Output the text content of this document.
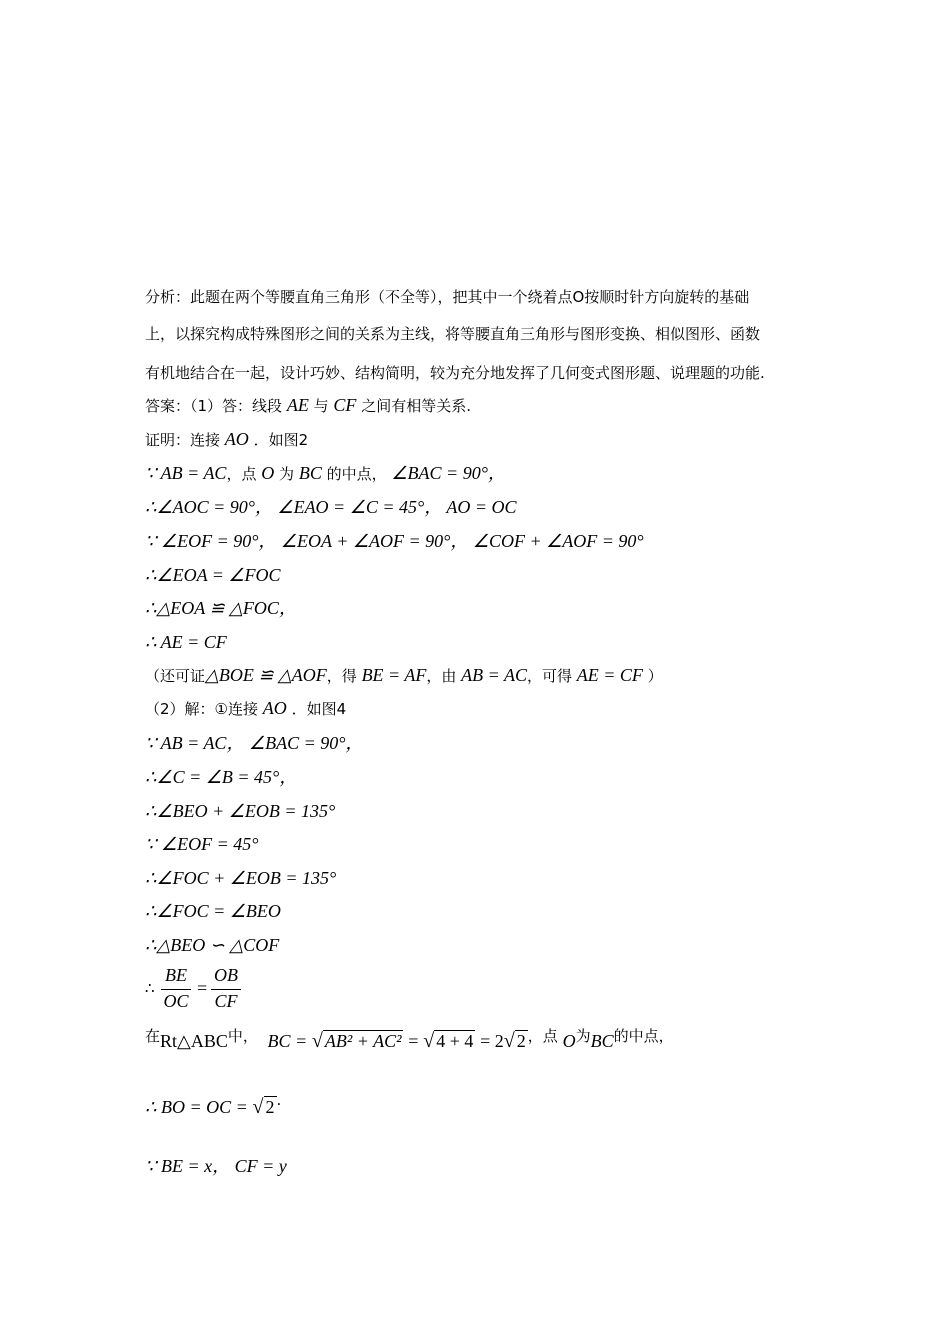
分析：此题在两个等腰直角三角形（不全等），把其中一个绕着点O按顺时针方向旋转的基础
上，以探究构成特殊图形之间的关系为主线，将等腰直角三角形与图形变换、相似图形、函数
有机地结合在一起，设计巧妙、结构简明，较为充分地发挥了几何变式图形题、说理题的功能.
答案：（1）答：线段 AE 与 CF 之间有相等关系.
证明：连接 AO ．如图2
∵ AB = AC，点 O 为 BC 的中点， ∠BAC = 90°，
∴∠AOC = 90°， ∠EAO = ∠C = 45°， AO = OC
∵ ∠EOF = 90°， ∠EOA + ∠AOF = 90°， ∠COF + ∠AOF = 90°
∴∠EOA = ∠FOC
∴△EOA ≌ △FOC，
∴ AE = CF
（还可证△BOE ≌ △AOF，得 BE = AF，由 AB = AC，可得 AE = CF ）
（2）解：①连接 AO ．如图4
∵ AB = AC， ∠BAC = 90°，
∴∠C = ∠B = 45°，
∴∠BEO + ∠EOB = 135°
∵ ∠EOF = 45°
∴∠FOC + ∠EOB = 135°
∴∠FOC = ∠BEO
∴△BEO ∽ △COF
∴
BE
OC
=
OB
CF
在Rt△ABC中， BC = √ AB² + AC² = √ 4 + 4 = 2√ 2 ，点 O为BC的中点，
∴ BO = OC = √ 2 .
∵ BE = x， CF = y
